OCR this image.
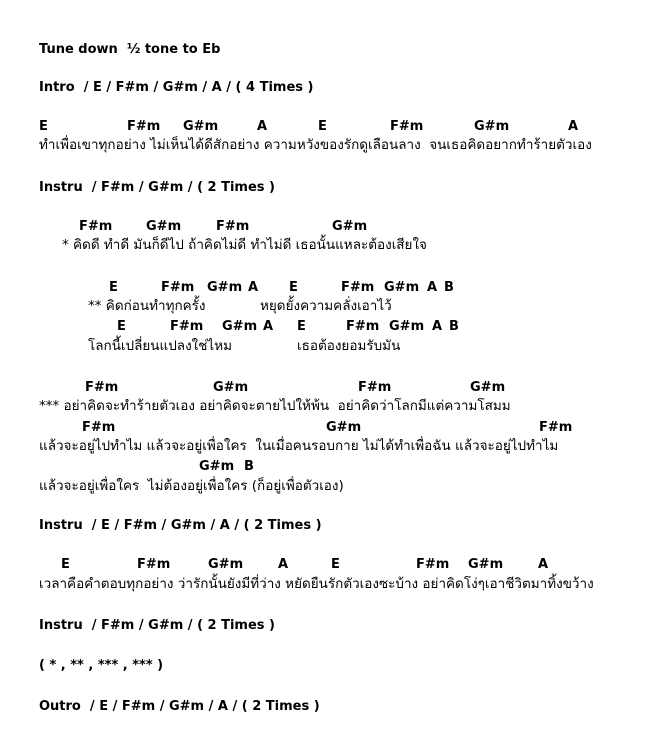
Tune down  ½ tone to Eb
Intro  / E / F#m / G#m / A / ( 4 Times )
E	F#m G#m	A	E	F#m	G#m	A
ทำเพื่อเขาทุกอย่าง ไม่เห็นได้ดีสักอย่าง ความหวังของรักดูเลือนลาง  จนเธอคิดอยากทำร้ายตัวเอง
Instru  / F#m / G#m / ( 2 Times )
F#m	G#m	F#m	G#m
* คิดดี ทำดี มันก็ดีไป ถ้าคิดไม่ดี ทำไม่ดี เธอนั้นแหละต้องเสียใจ
E	F#m G#m A E	F#m G#m A B
** คิดก่อนทำทุกครั้ง	หยุดยั้งความคลั่งเอาไว้
E	F#m G#m A E	F#m G#m A B
โลกนี้เปลี่ยนแปลงใช่ไหม	เธอต้องยอมรับมัน
F#m	G#m	F#m	G#m
*** อย่าคิดจะทำร้ายตัวเอง อย่าคิดจะตายไปให้พ้น  อย่าคิดว่าโลกมีแต่ความโสมม
F#m	G#m	F#m
แล้วจะอยู่ไปทำไม แล้วจะอยู่เพื่อใคร  ในเมื่อคนรอบกาย ไม่ได้ทำเพื่อฉัน แล้วจะอยู่ไปทำไม
G#m B
แล้วจะอยู่เพื่อใคร  ไม่ต้องอยู่เพื่อใคร (ก็อยู่เพื่อตัวเอง)
Instru  / E / F#m / G#m / A / ( 2 Times )
E	F#m	G#m	A	E	F#m G#m	A
เวลาคือคำตอบทุกอย่าง ว่ารักนั้นยังมีที่ว่าง หยัดยืนรักตัวเองซะบ้าง อย่าคิดโง่ๆเอาชีวิตมาทิ้งขว้าง
Instru  / F#m / G#m / ( 2 Times )
( * , ** , *** , *** )
Outro  / E / F#m / G#m / A / ( 2 Times )
